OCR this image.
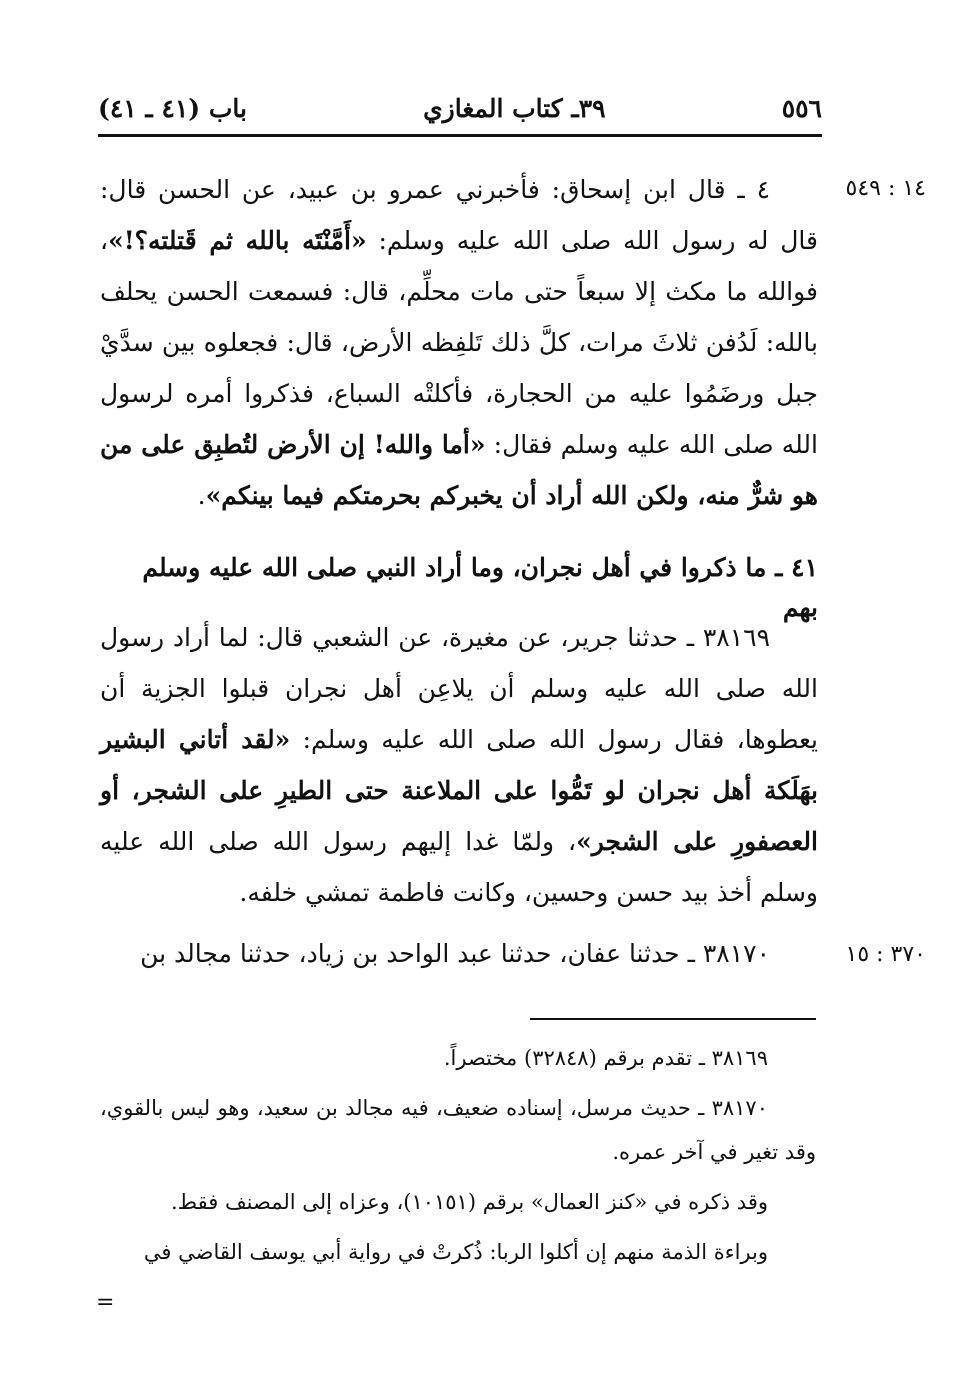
٥٥٦
٣٩ـ كتاب المغازي
باب (٤١ ـ ٤١)
١٤ : ٥٤٩

٤ ـ قال ابن إسحاق: فأخبرني عمرو بن عبيد، عن الحسن قال: قال له رسول الله صلى الله عليه وسلم: «أَمَّنْتَه بالله ثم قَتلته؟!»، فوالله ما مكث إلا سبعاً حتى مات محلِّم، قال: فسمعت الحسن يحلف بالله: لَدُفن ثلاثَ مرات، كلَّ ذلك تَلفِظه الأرض، قال: فجعلوه بين سدَّيْ جبل ورضَمُوا عليه من الحجارة، فأكلتْه السباع، فذكروا أمره لرسول الله صلى الله عليه وسلم فقال: «أما والله! إن الأرض لتُطبِق على من هو شرٌّ منه، ولكن الله أراد أن يخبركم بحرمتكم فيما بينكم».

٤١ ـ ما ذكروا في أهل نجران، وما أراد النبي صلى الله عليه وسلم بهم

٣٨١٦٩ ـ حدثنا جرير، عن مغيرة، عن الشعبي قال: لما أراد رسول الله صلى الله عليه وسلم أن يلاعِن أهل نجران قبلوا الجزية أن يعطوها، فقال رسول الله صلى الله عليه وسلم: «لقد أتاني البشير بهَلَكة أهل نجران لو تَمُّوا على الملاعنة حتى الطيرِ على الشجر، أو العصفورِ على الشجر»، ولمّا غدا إليهم رسول الله صلى الله عليه وسلم أخذ بيد حسن وحسين، وكانت فاطمة تمشي خلفه.

٣٧٠ : ١٥

٣٨١٧٠ ـ حدثنا عفان، حدثنا عبد الواحد بن زياد، حدثنا مجالد بن

٣٨١٦٩ ـ تقدم برقم (٣٢٨٤٨) مختصراً.

٣٨١٧٠ ـ حديث مرسل، إسناده ضعيف، فيه مجالد بن سعيد، وهو ليس بالقوي، وقد تغير في آخر عمره.

وقد ذكره في «كنز العمال» برقم (١٠١٥١)، وعزاه إلى المصنف فقط.

وبراءة الذمة منهم إن أكلوا الربا: ذُكرتْ في رواية أبي يوسف القاضي في

=
